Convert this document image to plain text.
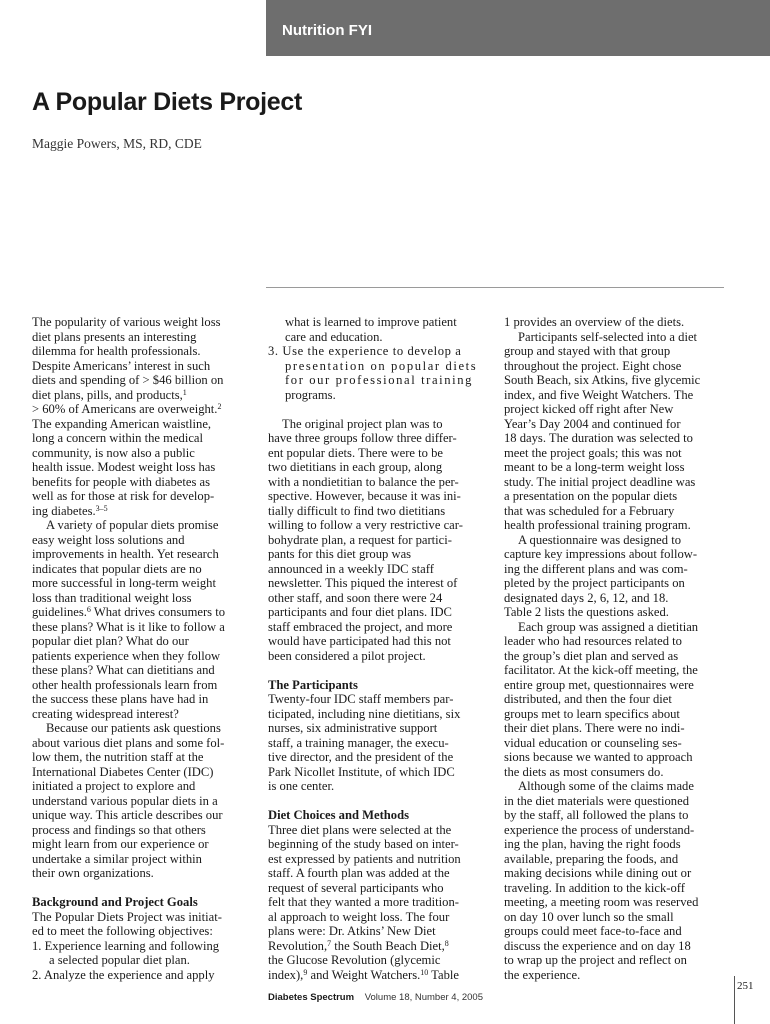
Nutrition FYI
A Popular Diets Project
Maggie Powers, MS, RD, CDE
The popularity of various weight loss
diet plans presents an interesting
dilemma for health professionals.
Despite Americans’ interest in such
diets and spending of > $46 billion on
diet plans, pills, and products,$^1$
> 60% of Americans are overweight.$^2$
The expanding American waistline,
long a concern within the medical
community, is now also a public
health issue. Modest weight loss has
benefits for people with diabetes as
well as for those at risk for develop-
ing diabetes.$^{3-5}$
A variety of popular diets promise
easy weight loss solutions and
improvements in health. Yet research
indicates that popular diets are no
more successful in long-term weight
loss than traditional weight loss
guidelines.$^6$ What drives consumers to
these plans? What is it like to follow a
popular diet plan? What do our
patients experience when they follow
these plans? What can dietitians and
other health professionals learn from
the success these plans have had in
creating widespread interest?
Because our patients ask questions
about various diet plans and some fol-
low them, the nutrition staff at the
International Diabetes Center (IDC)
initiated a project to explore and
understand various popular diets in a
unique way. This article describes our
process and findings so that others
might learn from our experience or
undertake a similar project within
their own organizations.
Background and Project Goals
The Popular Diets Project was initiat-
ed to meet the following objectives:
1. Experience learning and following
a selected popular diet plan.
2. Analyze the experience and apply
what is learned to improve patient
care and education.
3. Use the experience to develop a
presentation on popular diets
for our professional training
programs.
The original project plan was to
have three groups follow three differ-
ent popular diets. There were to be
two dietitians in each group, along
with a nondietitian to balance the per-
spective. However, because it was ini-
tially difficult to find two dietitians
willing to follow a very restrictive car-
bohydrate plan, a request for partici-
pants for this diet group was
announced in a weekly IDC staff
newsletter. This piqued the interest of
other staff, and soon there were 24
participants and four diet plans. IDC
staff embraced the project, and more
would have participated had this not
been considered a pilot project.
The Participants
Twenty-four IDC staff members par-
ticipated, including nine dietitians, six
nurses, six administrative support
staff, a training manager, the execu-
tive director, and the president of the
Park Nicollet Institute, of which IDC
is one center.
Diet Choices and Methods
Three diet plans were selected at the
beginning of the study based on inter-
est expressed by patients and nutrition
staff. A fourth plan was added at the
request of several participants who
felt that they wanted a more tradition-
al approach to weight loss. The four
plans were: Dr. Atkins’ New Diet
Revolution,$^7$ the South Beach Diet,$^8$
the Glucose Revolution (glycemic
index),$^9$ and Weight Watchers.$^{10}$ Table
1 provides an overview of the diets.
Participants self-selected into a diet
group and stayed with that group
throughout the project. Eight chose
South Beach, six Atkins, five glycemic
index, and five Weight Watchers. The
project kicked off right after New
Year’s Day 2004 and continued for
18 days. The duration was selected to
meet the project goals; this was not
meant to be a long-term weight loss
study. The initial project deadline was
a presentation on the popular diets
that was scheduled for a February
health professional training program.
A questionnaire was designed to
capture key impressions about follow-
ing the different plans and was com-
pleted by the project participants on
designated days 2, 6, 12, and 18.
Table 2 lists the questions asked.
Each group was assigned a dietitian
leader who had resources related to
the group’s diet plan and served as
facilitator. At the kick-off meeting, the
entire group met, questionnaires were
distributed, and then the four diet
groups met to learn specifics about
their diet plans. There were no indi-
vidual education or counseling ses-
sions because we wanted to approach
the diets as most consumers do.
Although some of the claims made
in the diet materials were questioned
by the staff, all followed the plans to
experience the process of understand-
ing the plan, having the right foods
available, preparing the foods, and
making decisions while dining out or
traveling. In addition to the kick-off
meeting, a meeting room was reserved
on day 10 over lunch so the small
groups could meet face-to-face and
discuss the experience and on day 18
to wrap up the project and reflect on
the experience.
Diabetes Spectrum Volume 18, Number 4, 2005
251
